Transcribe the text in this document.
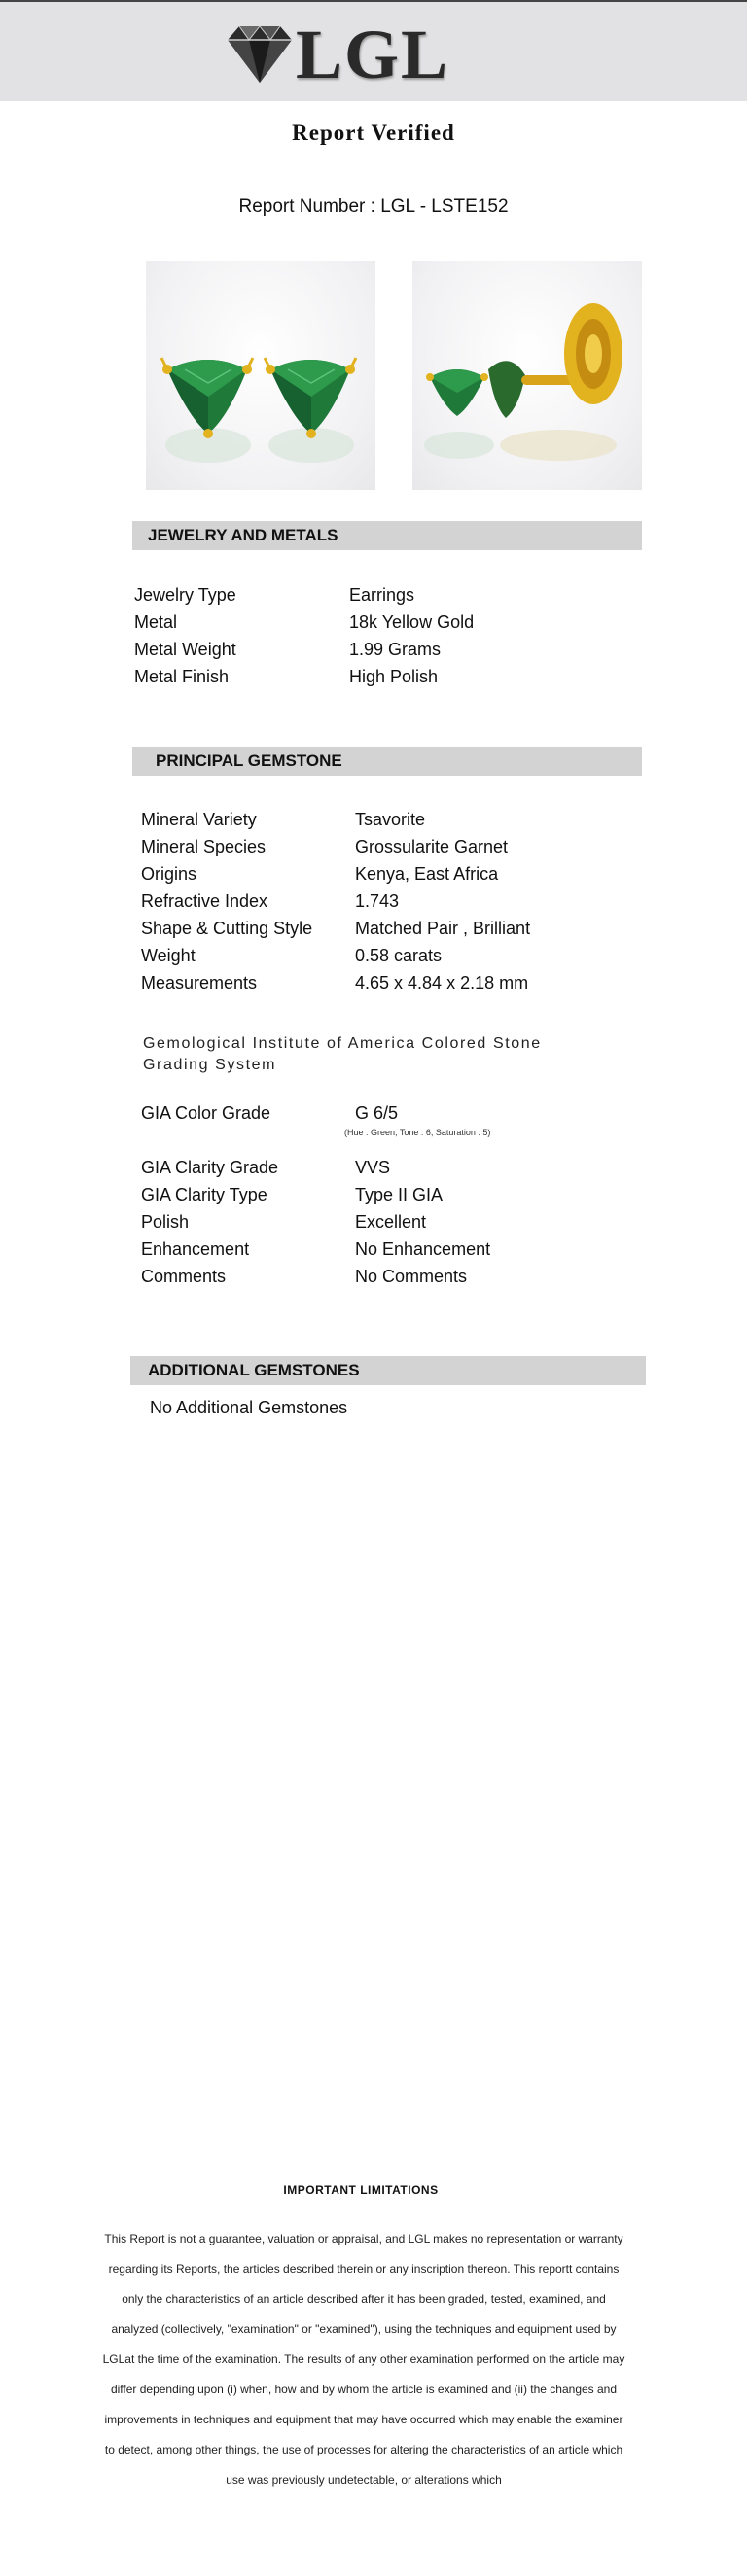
LGL
Report Verified
Report Number : LGL - LSTE152
JEWELRY AND METALS
Jewelry Type	Earrings
Metal	18k Yellow Gold
Metal Weight	1.99 Grams
Metal Finish	High Polish
PRINCIPAL GEMSTONE
Mineral Variety	Tsavorite
Mineral Species	Grossularite Garnet
Origins	Kenya, East Africa
Refractive Index	1.743
Shape & Cutting Style	Matched Pair , Brilliant
Weight	0.58 carats
Measurements	4.65 x 4.84 x 2.18 mm
Gemological Institute of America Colored Stone Grading System
GIA Color Grade	G 6/5
(Hue : Green, Tone : 6, Saturation : 5)
GIA Clarity Grade	VVS
GIA Clarity Type	Type II GIA
Polish	Excellent
Enhancement	No Enhancement
Comments	No Comments
ADDITIONAL GEMSTONES
No Additional Gemstones
IMPORTANT LIMITATIONS
This Report is not a guarantee, valuation or appraisal, and LGL makes no representation or warranty regarding its Reports, the articles described therein or any inscription thereon. This reportt contains only the characteristics of an article described after it has been graded, tested, examined, and analyzed (collectively, "examination" or "examined"), using the techniques and equipment used by LGLat the time of the examination. The results of any other examination performed on the article may differ depending upon (i) when, how and by whom the article is examined and (ii) the changes and improvements in techniques and equipment that may have occurred which may enable the examiner to detect, among other things, the use of processes for altering the characteristics of an article which use was previously undetectable, or alterations which
